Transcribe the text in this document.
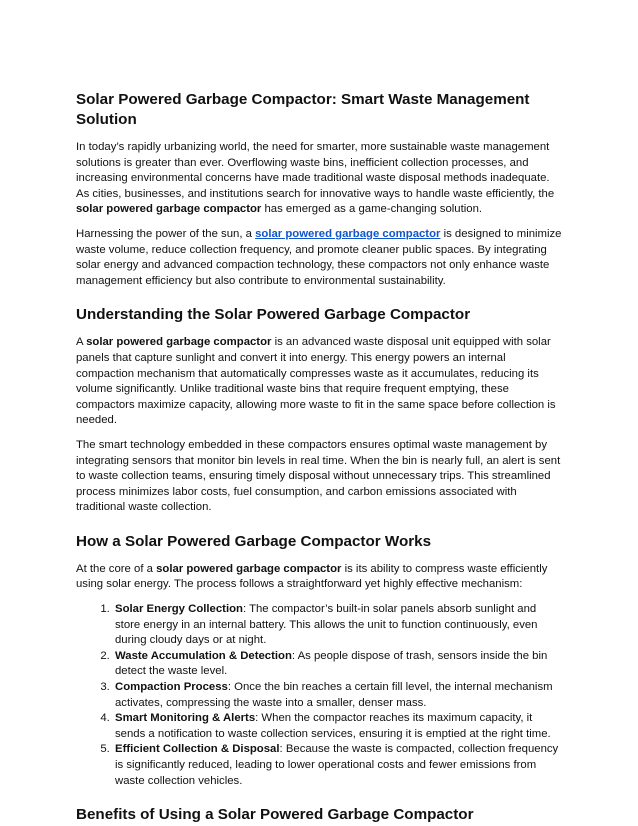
Solar Powered Garbage Compactor: Smart Waste Management Solution

In today’s rapidly urbanizing world, the need for smarter, more sustainable waste management solutions is greater than ever. Overflowing waste bins, inefficient collection processes, and increasing environmental concerns have made traditional waste disposal methods inadequate. As cities, businesses, and institutions search for innovative ways to handle waste efficiently, the solar powered garbage compactor has emerged as a game-changing solution.

Harnessing the power of the sun, a solar powered garbage compactor is designed to minimize waste volume, reduce collection frequency, and promote cleaner public spaces. By integrating solar energy and advanced compaction technology, these compactors not only enhance waste management efficiency but also contribute to environmental sustainability.

Understanding the Solar Powered Garbage Compactor

A solar powered garbage compactor is an advanced waste disposal unit equipped with solar panels that capture sunlight and convert it into energy. This energy powers an internal compaction mechanism that automatically compresses waste as it accumulates, reducing its volume significantly. Unlike traditional waste bins that require frequent emptying, these compactors maximize capacity, allowing more waste to fit in the same space before collection is needed.

The smart technology embedded in these compactors ensures optimal waste management by integrating sensors that monitor bin levels in real time. When the bin is nearly full, an alert is sent to waste collection teams, ensuring timely disposal without unnecessary trips. This streamlined process minimizes labor costs, fuel consumption, and carbon emissions associated with traditional waste collection.

How a Solar Powered Garbage Compactor Works

At the core of a solar powered garbage compactor is its ability to compress waste efficiently using solar energy. The process follows a straightforward yet highly effective mechanism:

1. Solar Energy Collection: The compactor’s built-in solar panels absorb sunlight and store energy in an internal battery. This allows the unit to function continuously, even during cloudy days or at night.
2. Waste Accumulation & Detection: As people dispose of trash, sensors inside the bin detect the waste level.
3. Compaction Process: Once the bin reaches a certain fill level, the internal mechanism activates, compressing the waste into a smaller, denser mass.
4. Smart Monitoring & Alerts: When the compactor reaches its maximum capacity, it sends a notification to waste collection services, ensuring it is emptied at the right time.
5. Efficient Collection & Disposal: Because the waste is compacted, collection frequency is significantly reduced, leading to lower operational costs and fewer emissions from waste collection vehicles.
Benefits of Using a Solar Powered Garbage Compactor
